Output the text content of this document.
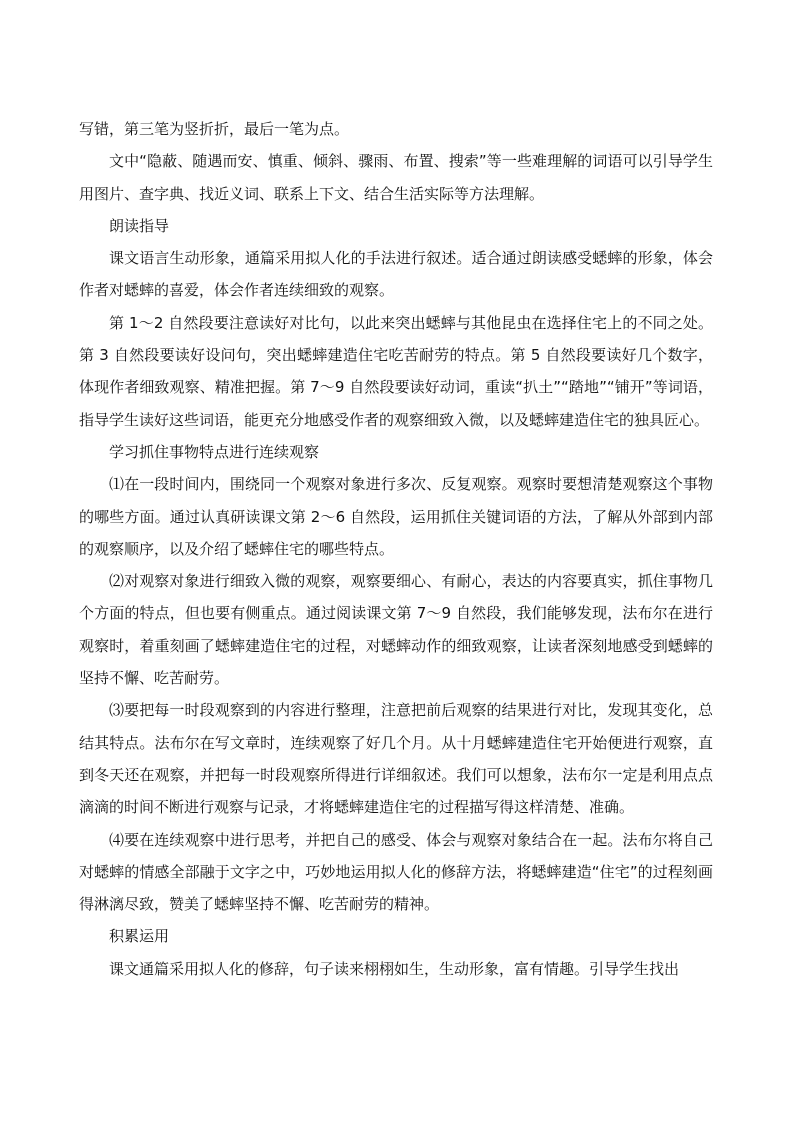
写错，第三笔为竖折折，最后一笔为点。

文中“隐蔽、随遇而安、慎重、倾斜、骤雨、布置、搜索”等一些难理解的词语可以引导学生用图片、查字典、找近义词、联系上下文、结合生活实际等方法理解。

朗读指导

课文语言生动形象，通篇采用拟人化的手法进行叙述。适合通过朗读感受蟋蟀的形象，体会作者对蟋蟀的喜爱，体会作者连续细致的观察。

第 1～2 自然段要注意读好对比句，以此来突出蟋蟀与其他昆虫在选择住宅上的不同之处。第 3 自然段要读好设问句，突出蟋蟀建造住宅吃苦耐劳的特点。第 5 自然段要读好几个数字，体现作者细致观察、精准把握。第 7～9 自然段要读好动词，重读“扒土”“踏地”“铺开”等词语，指导学生读好这些词语，能更充分地感受作者的观察细致入微，以及蟋蟀建造住宅的独具匠心。

学习抓住事物特点进行连续观察

⑴在一段时间内，围绕同一个观察对象进行多次、反复观察。观察时要想清楚观察这个事物的哪些方面。通过认真研读课文第 2～6 自然段，运用抓住关键词语的方法，了解从外部到内部的观察顺序，以及介绍了蟋蟀住宅的哪些特点。

⑵对观察对象进行细致入微的观察，观察要细心、有耐心，表达的内容要真实，抓住事物几个方面的特点，但也要有侧重点。通过阅读课文第 7～9 自然段，我们能够发现，法布尔在进行观察时，着重刻画了蟋蟀建造住宅的过程，对蟋蟀动作的细致观察，让读者深刻地感受到蟋蟀的坚持不懈、吃苦耐劳。

⑶要把每一时段观察到的内容进行整理，注意把前后观察的结果进行对比，发现其变化，总结其特点。法布尔在写文章时，连续观察了好几个月。从十月蟋蟀建造住宅开始便进行观察，直到冬天还在观察，并把每一时段观察所得进行详细叙述。我们可以想象，法布尔一定是利用点点滴滴的时间不断进行观察与记录，才将蟋蟀建造住宅的过程描写得这样清楚、准确。

⑷要在连续观察中进行思考，并把自己的感受、体会与观察对象结合在一起。法布尔将自己对蟋蟀的情感全部融于文字之中，巧妙地运用拟人化的修辞方法，将蟋蟀建造“住宅”的过程刻画得淋漓尽致，赞美了蟋蟀坚持不懈、吃苦耐劳的精神。

积累运用

课文通篇采用拟人化的修辞，句子读来栩栩如生，生动形象，富有情趣。引导学生找出
